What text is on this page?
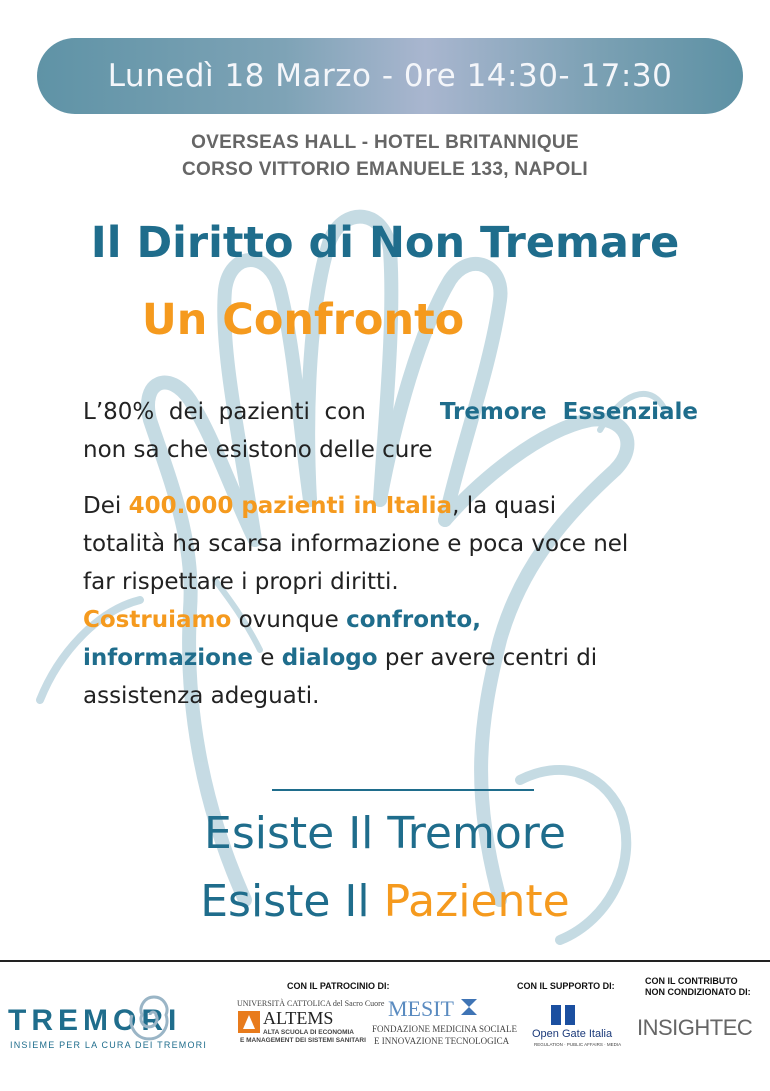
Lunedì 18 Marzo - 0re 14:30- 17:30
OVERSEAS HALL - HOTEL BRITANNIQUE
CORSO VITTORIO EMANUELE 133, NAPOLI
Il Diritto di Non Tremare
Un Confronto
L’80%  dei  pazienti  con	Tremore  Essenziale
non sa che esistono delle cure
Dei 400.000 pazienti in Italia, la quasi
totalità ha scarsa informazione e poca voce nel
far rispettare i propri diritti.
Costruiamo ovunque confronto,
informazione e dialogo per avere centri di
assistenza adeguati.
Esiste Il Tremore
Esiste Il Paziente
TREMORI
INSIEME PER LA CURA DEI TREMORI
CON IL PATROCINIO DI:
UNIVERSITÀ CATTOLICA del Sacro Cuore
ALTEMS
ALTA SCUOLA DI ECONOMIA
E MANAGEMENT DEI SISTEMI SANITARI
MESIT
FONDAZIONE MEDICINA SOCIALE
E INNOVAZIONE TECNOLOGICA
CON IL SUPPORTO DI:
Open Gate Italia
REGULATION · PUBLIC AFFAIRS · MEDIA
CON IL CONTRIBUTO
NON CONDIZIONATO DI:
INSIGHTEC
